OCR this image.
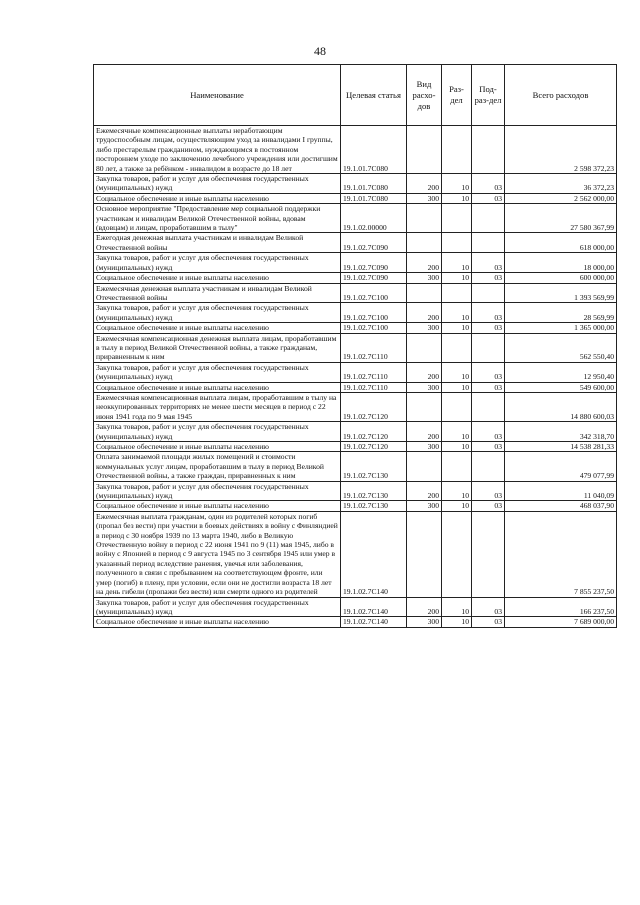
48
Наименование	Целевая статья	Вид расхо-дов	Раз-дел	Под-раз-дел	Всего расходов
Ежемесячные компенсационные выплаты неработающим трудоспособным лицам, осуществляющим уход за инвалидами I группы, либо престарелым гражданином, нуждающимся в постоянном постороннем уходе по заключению лечебного учреждения или достигшим 80 лет, а также за ребёнком - инвалидом в возрасте до 18 лет	19.1.01.7С080				2 598 372,23
Закупка товаров, работ и услуг для обеспечения государственных (муниципальных) нужд	19.1.01.7С080	200	10	03	36 372,23
Социальное обеспечение и иные выплаты населению	19.1.01.7С080	300	10	03	2 562 000,00
Основное мероприятие "Предоставление мер социальной поддержки участникам и инвалидам Великой Отечественной войны, вдовам (вдовцам) и лицам, проработавшим в тылу"	19.1.02.00000				27 580 367,99
Ежегодная денежная выплата участникам и инвалидам Великой Отечественной войны	19.1.02.7С090				618 000,00
Закупка товаров, работ и услуг для обеспечения государственных (муниципальных) нужд	19.1.02.7С090	200	10	03	18 000,00
Социальное обеспечение и иные выплаты населению	19.1.02.7С090	300	10	03	600 000,00
Ежемесячная денежная выплата участникам и инвалидам Великой Отечественной войны	19.1.02.7С100				1 393 569,99
Закупка товаров, работ и услуг для обеспечения государственных (муниципальных) нужд	19.1.02.7С100	200	10	03	28 569,99
Социальное обеспечение и иные выплаты населению	19.1.02.7С100	300	10	03	1 365 000,00
Ежемесячная компенсационная денежная выплата лицам, проработавшим в тылу в период Великой Отечественной войны, а также гражданам, приравненным к ним	19.1.02.7С110				562 550,40
Закупка товаров, работ и услуг для обеспечения государственных (муниципальных) нужд	19.1.02.7С110	200	10	03	12 950,40
Социальное обеспечение и иные выплаты населению	19.1.02.7С110	300	10	03	549 600,00
Ежемесячная компенсационная выплата лицам, проработавшим в тылу на неоккупированных территориях не менее шести месяцев в период с 22 июня 1941 года по 9 мая 1945	19.1.02.7С120				14 880 600,03
Закупка товаров, работ и услуг для обеспечения государственных (муниципальных) нужд	19.1.02.7С120	200	10	03	342 318,70
Социальное обеспечение и иные выплаты населению	19.1.02.7С120	300	10	03	14 538 281,33
Оплата занимаемой площади жилых помещений и стоимости коммунальных услуг лицам, проработавшим в тылу в период Великой Отечественной войны, а также граждан, приравненных к ним	19.1.02.7С130				479 077,99
Закупка товаров, работ и услуг для обеспечения государственных (муниципальных) нужд	19.1.02.7С130	200	10	03	11 040,09
Социальное обеспечение и иные выплаты населению	19.1.02.7С130	300	10	03	468 037,90
Ежемесячная выплата гражданам, один из родителей которых погиб (пропал без вести) при участии в боевых действиях в войну с Финляндией в период с 30 ноября 1939 по 13 марта 1940, либо в Великую Отечественную войну в период с 22 июня 1941 по 9 (11) мая 1945, либо в войну с Японией в период с 9 августа 1945 по 3 сентября 1945 или умер в указанный период вследствие ранения, увечья или заболевания, полученного в связи с пребыванием на соответствующем фронте, или умер (погиб) в плену, при условии, если они не достигли возраста 18 лет на день гибели (пропажи без вести) или смерти одного из родителей	19.1.02.7С140				7 855 237,50
Закупка товаров, работ и услуг для обеспечения государственных (муниципальных) нужд	19.1.02.7С140	200	10	03	166 237,50
Социальное обеспечение и иные выплаты населению	19.1.02.7С140	300	10	03	7 689 000,00
